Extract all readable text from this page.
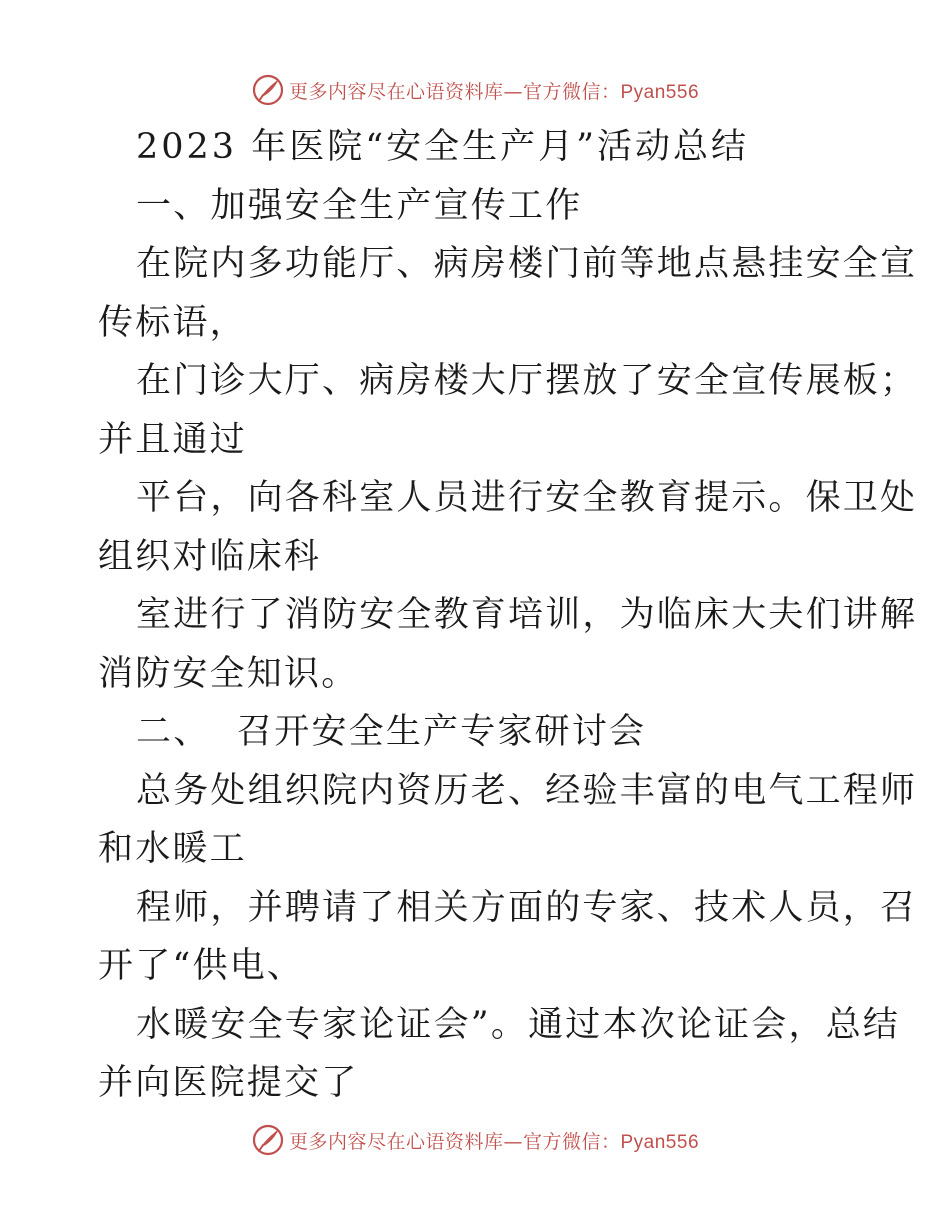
更多内容尽在心语资料库—官方微信：Pyan556
2023 年医院“安全生产月”活动总结
一、加强安全生产宣传工作
在院内多功能厅、病房楼门前等地点悬挂安全宣
传标语，
在门诊大厅、病房楼大厅摆放了安全宣传展板；
并且通过
平台，向各科室人员进行安全教育提示。保卫处
组织对临床科
室进行了消防安全教育培训，为临床大夫们讲解
消防安全知识。
二、  召开安全生产专家研讨会
总务处组织院内资历老、经验丰富的电气工程师
和水暖工
程师，并聘请了相关方面的专家、技术人员，召
开了“供电、
水暖安全专家论证会”。通过本次论证会，总结
并向医院提交了
更多内容尽在心语资料库—官方微信：Pyan556
